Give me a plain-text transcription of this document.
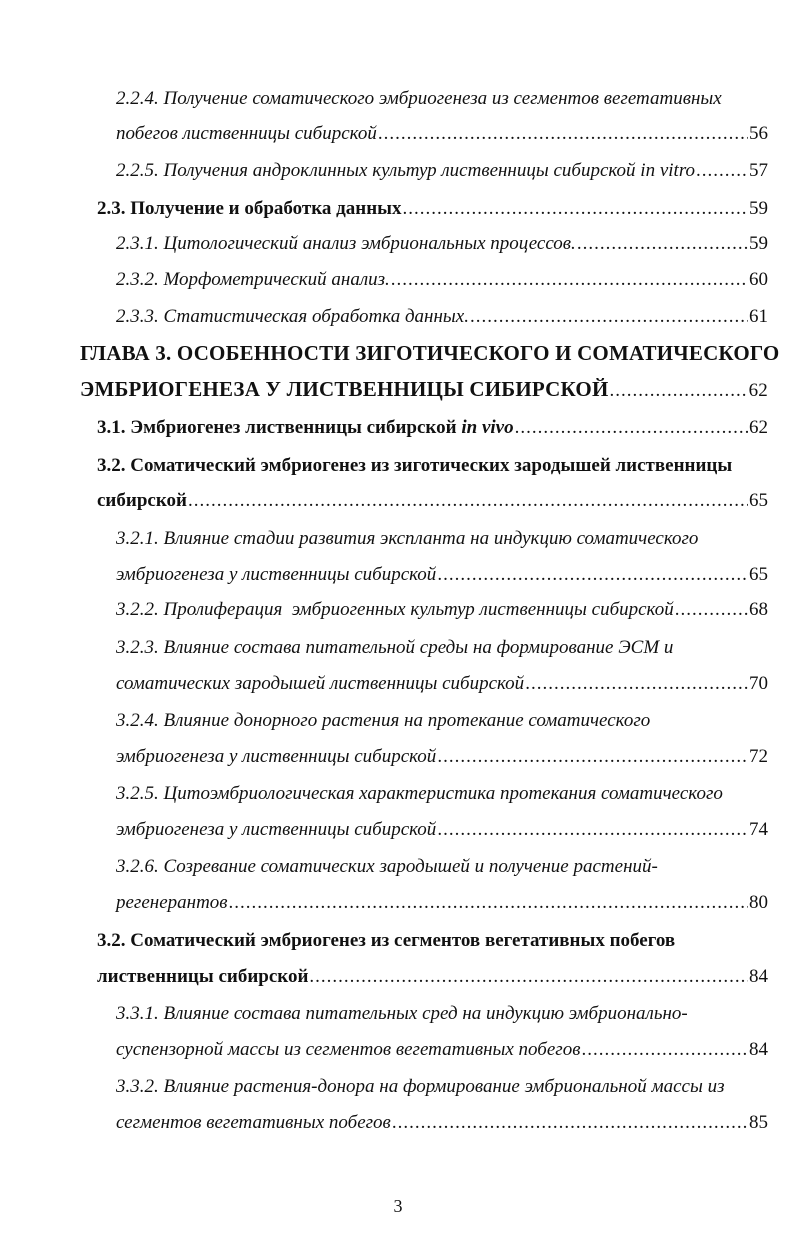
2.2.4. Получение соматического эмбриогенеза из сегментов вегетативных
побегов лиственницы сибирской .....	56
2.2.5. Получения андроклинных культур лиственницы сибирской in vitro .....	57
2.3. Получение и обработка данных .....	59
2.3.1. Цитологический анализ эмбриональных процессов. .....	59
2.3.2. Морфометрический анализ. .....	60
2.3.3. Статистическая обработка данных. .....	61
ГЛАВА 3. ОСОБЕННОСТИ ЗИГОТИЧЕСКОГО И СОМАТИЧЕСКОГО
ЭМБРИОГЕНЕЗА У ЛИСТВЕННИЦЫ СИБИРСКОЙ .....	62
3.1. Эмбриогенез лиственницы сибирской in vivo .....	62
3.2. Соматический эмбриогенез из зиготических зародышей лиственницы
сибирской .....	65
3.2.1. Влияние стадии развития экспланта на индукцию соматического
эмбриогенеза у лиственницы сибирской .....	65
3.2.2. Пролиферация  эмбриогенных культур лиственницы сибирской .....	68
3.2.3. Влияние состава питательной среды на формирование ЭСМ и
соматических зародышей лиственницы сибирской .....	70
3.2.4. Влияние донорного растения на протекание соматического
эмбриогенеза у лиственницы сибирской .....	72
3.2.5. Цитоэмбриологическая характеристика протекания соматического
эмбриогенеза у лиственницы сибирской .....	74
3.2.6. Созревание соматических зародышей и получение растений-
регенерантов .....	80
3.2. Соматический эмбриогенез из сегментов вегетативных побегов
лиственницы сибирской .....	84
3.3.1. Влияние состава питательных сред на индукцию эмбрионально-
суспензорной массы из сегментов вегетативных побегов .....	84
3.3.2. Влияние растения-донора на формирование эмбриональной массы из
сегментов вегетативных побегов .....	85
3
